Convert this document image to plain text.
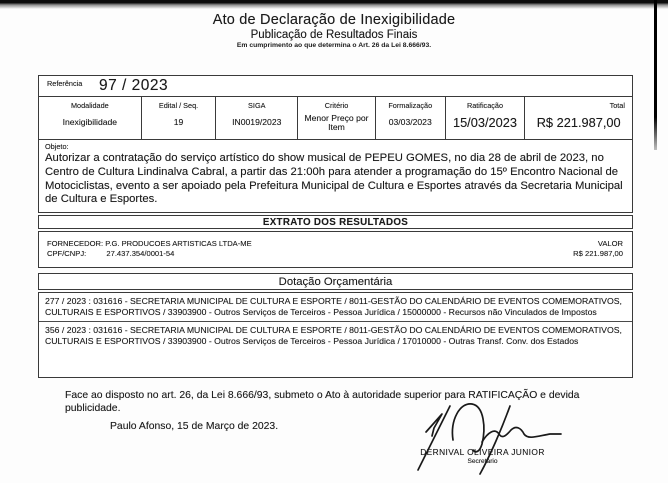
Ato de Declaração de Inexigibilidade
Publicação de Resultados Finais
Em cumprimento ao que determina o Art. 26 da Lei 8.666/93.
Referência 97 / 2023
Modalidade
Inexigibilidade
Edital / Seq.
19
SIGA
IN0019/2023
Critério
Menor Preço por Item
Formalização
03/03/2023
Ratificação
15/03/2023
Total
R$ 221.987,00
Objeto:
Autorizar a contratação do serviço artístico do show musical de PEPEU GOMES, no dia 28 de abril de 2023, no Centro de Cultura Lindinalva Cabral, a partir das 21:00h para atender a programação do 15º Encontro Nacional de Motociclistas, evento a ser apoiado pela Prefeitura Municipal de Cultura e Esportes através da Secretaria Municipal de Cultura e Esportes.
EXTRATO DOS RESULTADOS
FORNECEDOR: P.G. PRODUCOES ARTISTICAS LTDA-ME
CPF/CNPJ:	27.437.354/0001-54
VALOR
R$ 221.987,00
Dotação Orçamentária
277 / 2023 : 031616 - SECRETARIA MUNICIPAL DE CULTURA E ESPORTE / 8011-GESTÃO DO CALENDÁRIO DE EVENTOS COMEMORATIVOS, CULTURAIS E ESPORTIVOS / 33903900 - Outros Serviços de Terceiros - Pessoa Jurídica / 15000000 - Recursos não Vinculados de Impostos
356 / 2023 : 031616 - SECRETARIA MUNICIPAL DE CULTURA E ESPORTE / 8011-GESTÃO DO CALENDÁRIO DE EVENTOS COMEMORATIVOS, CULTURAIS E ESPORTIVOS / 33903900 - Outros Serviços de Terceiros - Pessoa Jurídica / 17010000 - Outras Transf. Conv. dos Estados
Face ao disposto no art. 26, da Lei 8.666/93, submeto o Ato à autoridade superior para RATIFICAÇÃO e devida publicidade.
Paulo Afonso, 15 de Março de 2023.
DERNIVAL OLIVEIRA JUNIOR
Secretario
